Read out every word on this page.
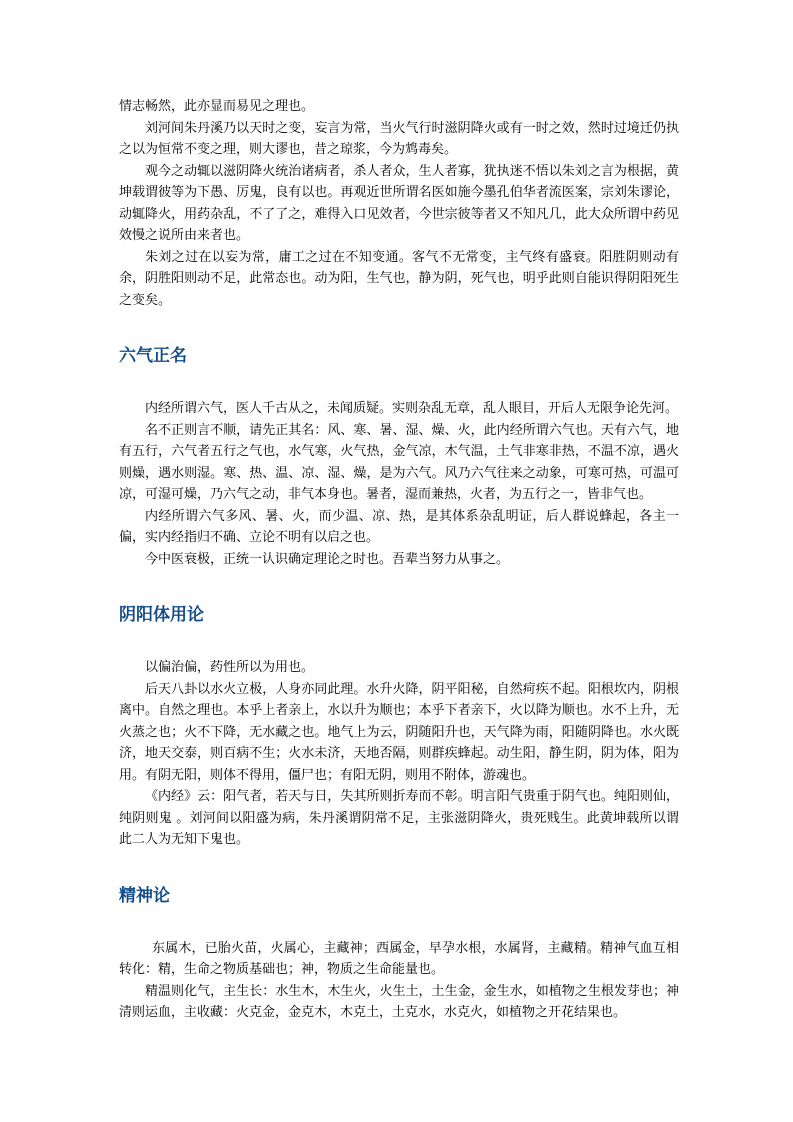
情志畅然，此亦显而易见之理也。

刘河间朱丹溪乃以天时之变，妄言为常，当火气行时滋阴降火或有一时之效，然时过境迁仍执之以为恒常不变之理，则大谬也，昔之琼浆，今为鸩毒矣。

观今之动辄以滋阴降火统治诸病者，杀人者众，生人者寡，犹执迷不悟以朱刘之言为根据，黄坤载谓彼等为下愚、厉鬼，良有以也。再观近世所谓名医如施今墨孔伯华者流医案，宗刘朱谬论，动辄降火，用药杂乱，不了了之，难得入口见效者，今世宗彼等者又不知凡几，此大众所谓中药见效慢之说所由来者也。

朱刘之过在以妄为常，庸工之过在不知变通。客气不无常变，主气终有盛衰。阳胜阴则动有余，阴胜阳则动不足，此常态也。动为阳，生气也，静为阴，死气也，明乎此则自能识得阴阳死生之变矣。

六气正名

内经所谓六气，医人千古从之，未闻质疑。实则杂乱无章，乱人眼目，开后人无限争论先河。

名不正则言不顺，请先正其名：风、寒、暑、湿、燥、火，此内经所谓六气也。天有六气，地有五行，六气者五行之气也，水气寒，火气热，金气凉，木气温，土气非寒非热，不温不凉，遇火则燥，遇水则湿。寒、热、温、凉、湿、燥，是为六气。风乃六气往来之动象，可寒可热，可温可凉，可湿可燥，乃六气之动，非气本身也。暑者，湿而兼热，火者，为五行之一，皆非气也。

内经所谓六气多风、暑、火，而少温、凉、热，是其体系杂乱明证，后人群说蜂起，各主一偏，实内经指归不确、立论不明有以启之也。

今中医衰极，正统一认识确定理论之时也。吾辈当努力从事之。

阴阳体用论

以偏治偏，药性所以为用也。

后天八卦以水火立极，人身亦同此理。水升火降，阴平阳秘，自然疴疾不起。阳根坎内，阴根离中。自然之理也。本乎上者亲上，水以升为顺也；本乎下者亲下，火以降为顺也。水不上升，无火蒸之也；火不下降，无水藏之也。地气上为云，阴随阳升也，天气降为雨，阳随阴降也。水火既济，地天交泰，则百病不生；火水未济，天地否隔，则群疾蜂起。动生阳，静生阴，阴为体，阳为用。有阴无阳，则体不得用，僵尸也；有阳无阴，则用不附体，游魂也。

《内经》云：阳气者，若天与日，失其所则折寿而不彰。明言阳气贵重于阴气也。纯阳则仙，纯阴则鬼 。刘河间以阳盛为病，朱丹溪谓阴常不足，主张滋阴降火，贵死贱生。此黄坤载所以谓此二人为无知下鬼也。

精神论

东属木，已胎火苗，火属心，主藏神；西属金，早孕水根，水属肾，主藏精。精神气血互相转化：精，生命之物质基础也；神，物质之生命能量也。

精温则化气，主生长：水生木，木生火，火生土，土生金，金生水，如植物之生根发芽也；神清则运血，主收藏：火克金，金克木，木克土，土克水，水克火，如植物之开花结果也。
